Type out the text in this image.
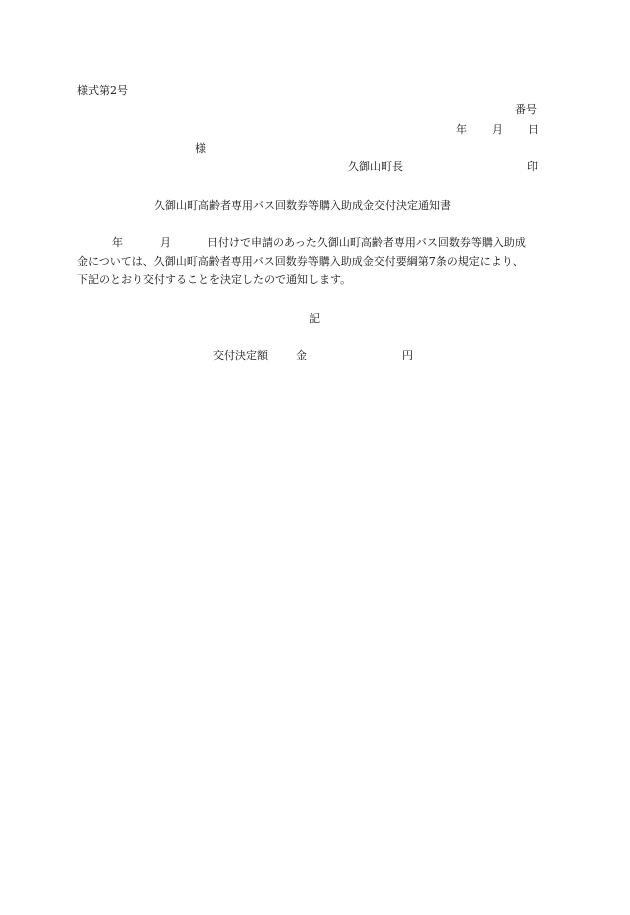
様式第2号
番号
年 月 日
様
久御山町長	印
久御山町高齢者専用バス回数券等購入助成金交付決定通知書
年	月	日付けで申請のあった久御山町高齢者専用バス回数券等購入助成
金については、久御山町高齢者専用バス回数券等購入助成金交付要綱第7条の規定により、
下記のとおり交付することを決定したので通知します。
記
交付決定額	金	円
